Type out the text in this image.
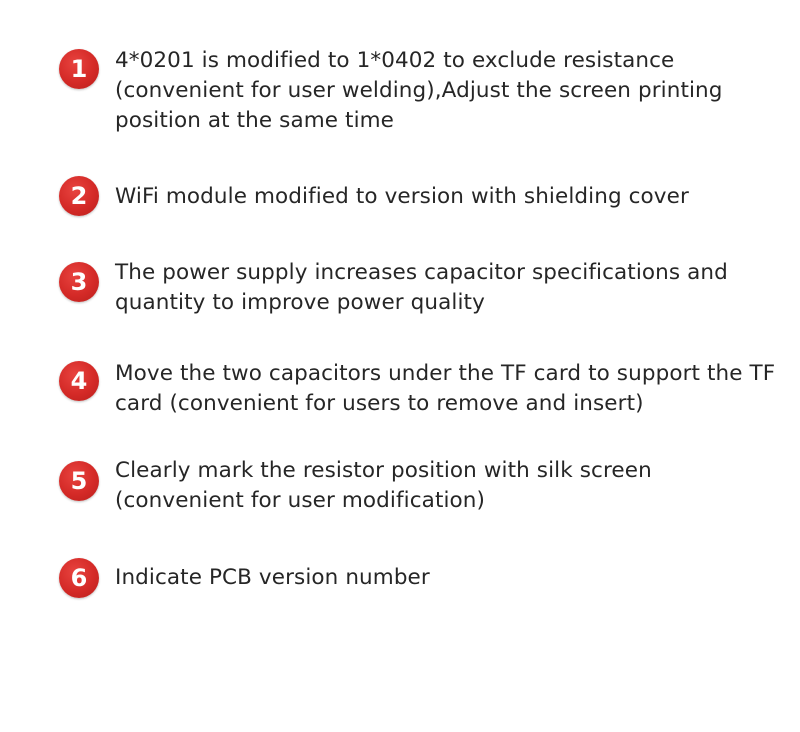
1	4*0201 is modified to 1*0402 to exclude resistance (convenient for user welding),Adjust the screen printing position at the same time
2	WiFi module modified to version with shielding cover
3	The power supply increases capacitor specifications and quantity to improve power quality
4	Move the two capacitors under the TF card to support the TF card (convenient for users to remove and insert)
5	Clearly mark the resistor position with silk screen (convenient for user modification)
6	Indicate PCB version number
